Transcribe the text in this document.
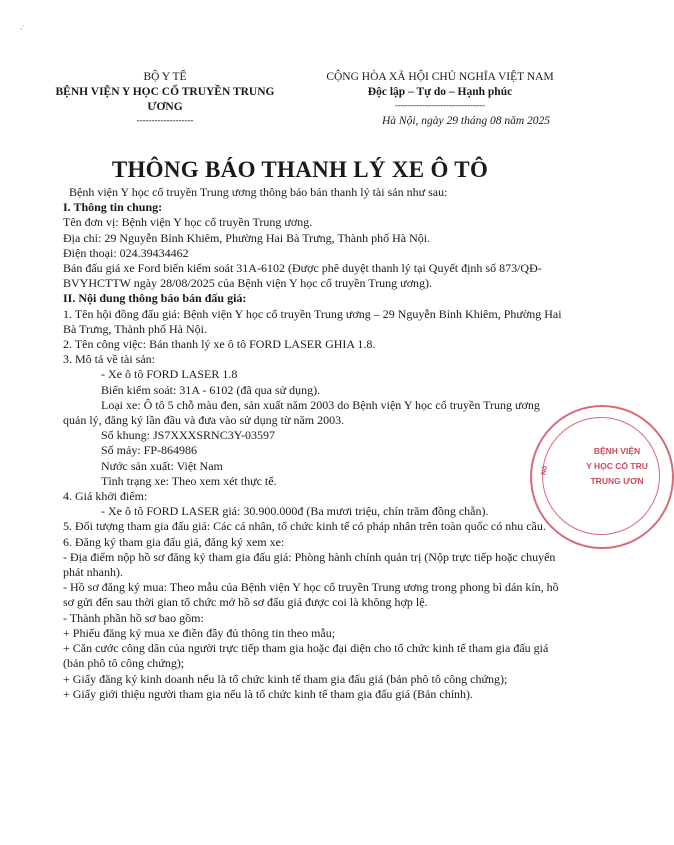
,·
BỘ Y TẾ
BỆNH VIỆN Y HỌC CỔ TRUYỀN TRUNG ƯƠNG
-------------------
CỘNG HÒA XÃ HỘI CHỦ NGHĨA VIỆT NAM
Độc lập – Tự do – Hạnh phúc
------------------------------
Hà Nội, ngày 29 tháng 08 năm 2025
THÔNG BÁO THANH LÝ XE Ô TÔ
Bệnh viện Y học cổ truyền Trung ương thông báo bán thanh lý tài sản như sau:
I. Thông tin chung:
Tên đơn vị: Bệnh viện Y học cổ truyền Trung ương.
Địa chỉ: 29 Nguyễn Bỉnh Khiêm, Phường Hai Bà Trưng, Thành phố Hà Nội.
Điện thoại: 024.39434462
Bán đấu giá xe Ford biển kiểm soát 31A-6102 (Được phê duyệt thanh lý tại Quyết định số 873/QĐ-BVYHCTTW ngày 28/08/2025 của Bệnh viện Y học cổ truyền Trung ương).
II. Nội dung thông báo bán đấu giá:
1. Tên hội đồng đấu giá: Bệnh viện Y học cổ truyền Trung ương – 29 Nguyễn Bỉnh Khiêm, Phường Hai Bà Trưng, Thành phố Hà Nội.
2. Tên công việc: Bán thanh lý xe ô tô FORD LASER GHIA 1.8.
3. Mô tả về tài sản:
- Xe ô tô FORD LASER 1.8
Biển kiểm soát: 31A - 6102 (đã qua sử dụng).
Loại xe: Ô tô 5 chỗ màu đen, sản xuất năm 2003 do Bệnh viện Y học cổ truyền Trung ương quản lý, đăng ký lần đầu và đưa vào sử dụng từ năm 2003.
Số khung: JS7XXXSRNC3Y-03597
Số máy: FP-864986
Nước sản xuất: Việt Nam
Tình trạng xe: Theo xem xét thực tế.
4. Giá khởi điểm:
- Xe ô tô FORD LASER giá: 30.900.000đ (Ba mươi triệu, chín trăm đồng chẵn).
5. Đối tượng tham gia đấu giá: Các cá nhân, tổ chức kinh tế có pháp nhân trên toàn quốc có nhu cầu.
6. Đăng ký tham gia đấu giá, đăng ký xem xe:
- Địa điểm nộp hồ sơ đăng ký tham gia đấu giá: Phòng hành chính quản trị (Nộp trực tiếp hoặc chuyển phát nhanh).
- Hồ sơ đăng ký mua: Theo mẫu của Bệnh viện Y học cổ truyền Trung ương trong phong bì dán kín, hồ sơ gửi đến sau thời gian tổ chức mở hồ sơ đấu giá được coi là không hợp lệ.
- Thành phần hồ sơ bao gồm:
+ Phiếu đăng ký mua xe điền đầy đủ thông tin theo mẫu;
+ Căn cước công dân của người trực tiếp tham gia hoặc đại diện cho tổ chức kinh tế tham gia đấu giá (bản phô tô công chứng);
+ Giấy đăng ký kinh doanh nếu là tổ chức kinh tế tham gia đấu giá (bản phô tô công chứng);
+ Giấy giới thiệu người tham gia nếu là tổ chức kinh tế tham gia đấu giá (Bản chính).
Nô
BỆNH VIỆN
Y HỌC CỔ TRU
TRUNG ƯƠN
